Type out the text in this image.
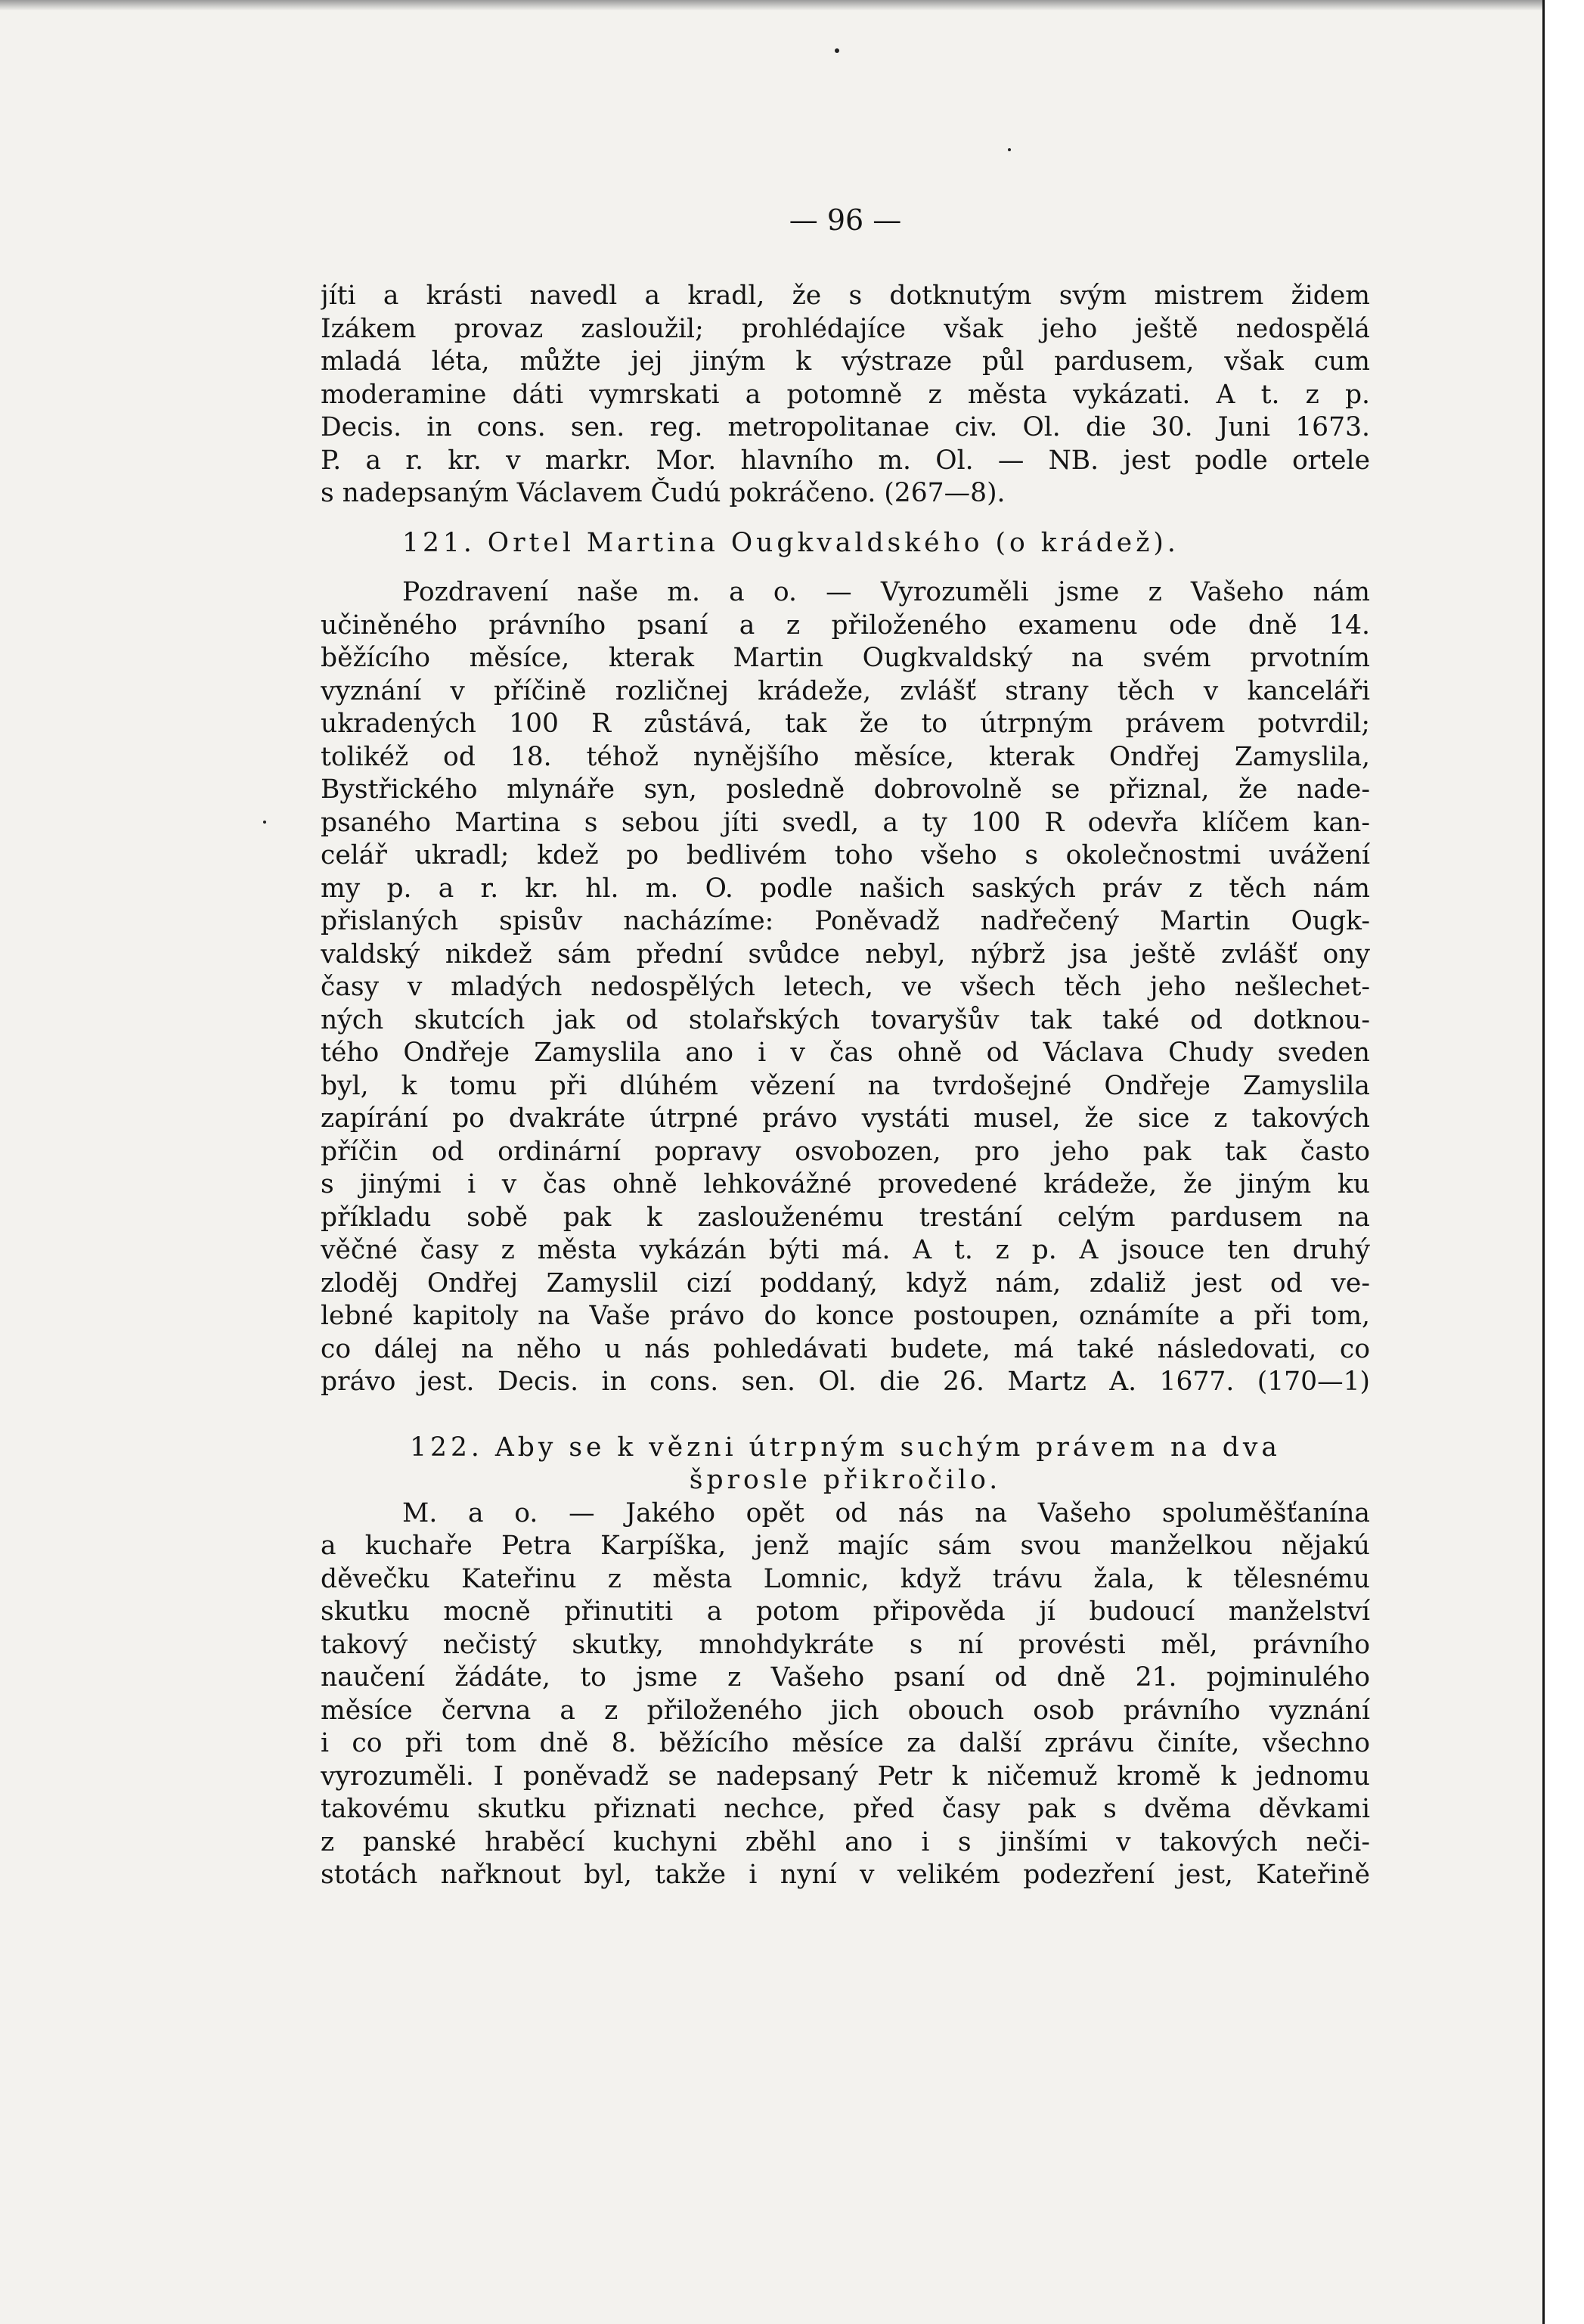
— 96 —
jíti a krásti navedl a kradl, že s dotknutým svým mistrem židem
Izákem provaz zasloužil; prohlédajíce však jeho ještě nedospělá
mladá léta, můžte jej jiným k výstraze půl pardusem, však cum
moderamine dáti vymrskati a potomně z města vykázati. A t. z p.
Decis. in cons. sen. reg. metropolitanae civ. Ol. die 30. Juni 1673.
P. a r. kr. v markr. Mor. hlavního m. Ol. — NB. jest podle ortele
s nadepsaným Václavem Čudú pokráčeno. (267—8).
121. Ortel Martina Ougkvaldského (o krádež).
Pozdravení naše m. a o. — Vyrozuměli jsme z Vašeho nám
učiněného právního psaní a z přiloženého examenu ode dně 14.
běžícího měsíce, kterak Martin Ougkvaldský na svém prvotním
vyznání v příčině rozličnej krádeže, zvlášť strany těch v kanceláři
ukradených 100 R zůstává, tak že to útrpným právem potvrdil;
tolikéž od 18. téhož nynějšího měsíce, kterak Ondřej Zamyslila,
Bystřického mlynáře syn, posledně dobrovolně se přiznal, že nade-
psaného Martina s sebou jíti svedl, a ty 100 R odevřa klíčem kan-
celář ukradl; kdež po bedlivém toho všeho s okolečnostmi uvážení
my p. a r. kr. hl. m. O. podle našich saských práv z těch nám
přislaných spisův nacházíme: Poněvadž nadřečený Martin Ougk-
valdský nikdež sám přední svůdce nebyl, nýbrž jsa ještě zvlášť ony
časy v mladých nedospělých letech, ve všech těch jeho nešlechet-
ných skutcích jak od stolařských tovaryšův tak také od dotknou-
tého Ondřeje Zamyslila ano i v čas ohně od Václava Chudy sveden
byl, k tomu při dlúhém vězení na tvrdošejné Ondřeje Zamyslila
zapírání po dvakráte útrpné právo vystáti musel, že sice z takových
příčin od ordinární popravy osvobozen, pro jeho pak tak často
s jinými i v čas ohně lehkovážné provedené krádeže, že jiným ku
příkladu sobě pak k zaslouženému trestání celým pardusem na
věčné časy z města vykázán býti má. A t. z p. A jsouce ten druhý
zloděj Ondřej Zamyslil cizí poddaný, když nám, zdaliž jest od ve-
lebné kapitoly na Vaše právo do konce postoupen, oznámíte a při tom,
co dálej na něho u nás pohledávati budete, má také následovati, co
právo jest. Decis. in cons. sen. Ol. die 26. Martz A. 1677. (170—1)
122. Aby se k vězni útrpným suchým právem na dva
šprosle přikročilo.
M. a o. — Jakého opět od nás na Vašeho spoluměšťanína
a kuchaře Petra Karpíška, jenž majíc sám svou manželkou nějakú
děvečku Kateřinu z města Lomnic, když trávu žala, k tělesnému
skutku mocně přinutiti a potom připověda jí budoucí manželství
takový nečistý skutky, mnohdykráte s ní provésti měl, právního
naučení žádáte, to jsme z Vašeho psaní od dně 21. pojminulého
měsíce června a z přiloženého jich obouch osob právního vyznání
i co při tom dně 8. běžícího měsíce za další zprávu činíte, všechno
vyrozuměli. I poněvadž se nadepsaný Petr k ničemuž kromě k jednomu
takovému skutku přiznati nechce, před časy pak s dvěma děvkami
z panské hraběcí kuchyni zběhl ano i s jinšími v takových neči-
stotách nařknout byl, takže i nyní v velikém podezření jest, Kateřině
